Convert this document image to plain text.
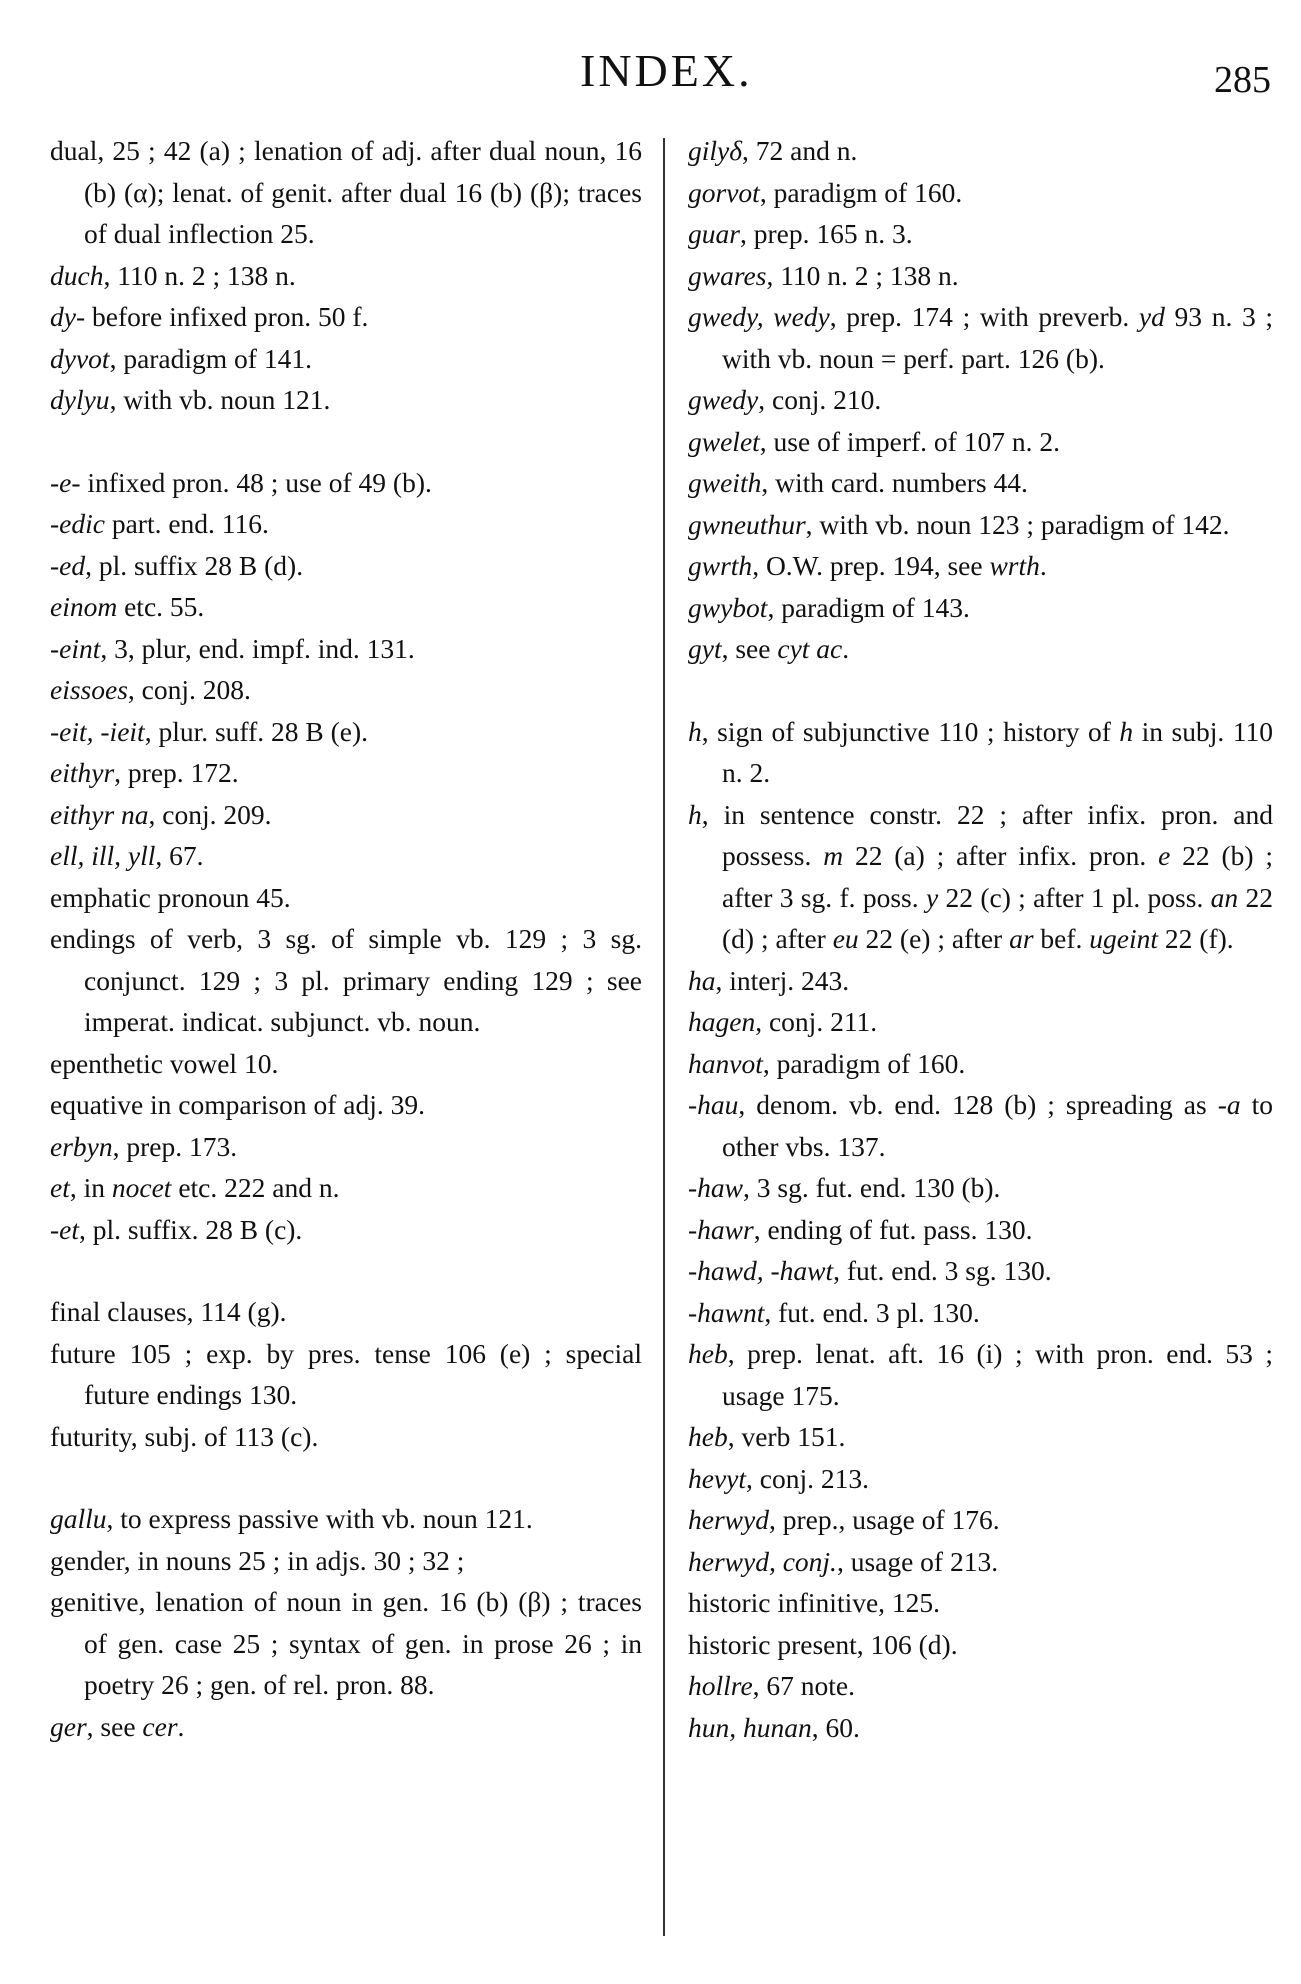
INDEX.	285
dual, 25 ; 42 (a) ; lenation of adj. after dual noun, 16 (b) (α); lenat. of genit. after dual 16 (b) (β); traces of dual inflection 25.
duch, 110 n. 2 ; 138 n.
dy- before infixed pron. 50 f.
dyvot, paradigm of 141.
dylyu, with vb. noun 121.
-e- infixed pron. 48 ; use of 49 (b).
-edic part. end. 116.
-ed, pl. suffix 28 B (d).
einom etc. 55.
-eint, 3, plur, end. impf. ind. 131.
eissoes, conj. 208.
-eit, -ieit, plur. suff. 28 B (e).
eithyr, prep. 172.
eithyr na, conj. 209.
ell, ill, yll, 67.
emphatic pronoun 45.
endings of verb, 3 sg. of simple vb. 129 ; 3 sg. conjunct. 129 ; 3 pl. primary ending 129 ; see imperat. indicat. subjunct. vb. noun.
epenthetic vowel 10.
equative in comparison of adj. 39.
erbyn, prep. 173.
et, in nocet etc. 222 and n.
-et, pl. suffix. 28 B (c).
final clauses, 114 (g).
future 105 ; exp. by pres. tense 106 (e) ; special future endings 130.
futurity, subj. of 113 (c).
gallu, to express passive with vb. noun 121.
gender, in nouns 25 ; in adjs. 30 ; 32 ;
genitive, lenation of noun in gen. 16 (b) (β) ; traces of gen. case 25 ; syntax of gen. in prose 26 ; in poetry 26 ; gen. of rel. pron. 88.
ger, see cer.
gilyδ, 72 and n.
gorvot, paradigm of 160.
guar, prep. 165 n. 3.
gwares, 110 n. 2 ; 138 n.
gwedy, wedy, prep. 174 ; with preverb. yd 93 n. 3 ; with vb. noun = perf. part. 126 (b).
gwedy, conj. 210.
gwelet, use of imperf. of 107 n. 2.
gweith, with card. numbers 44.
gwneuthur, with vb. noun 123 ; paradigm of 142.
gwrth, O.W. prep. 194, see wrth.
gwybot, paradigm of 143.
gyt, see cyt ac.
h, sign of subjunctive 110 ; history of h in subj. 110 n. 2.
h, in sentence constr. 22 ; after infix. pron. and possess. m 22 (a) ; after infix. pron. e 22 (b) ; after 3 sg. f. poss. y 22 (c) ; after 1 pl. poss. an 22 (d) ; after eu 22 (e) ; after ar bef. ugeint 22 (f).
ha, interj. 243.
hagen, conj. 211.
hanvot, paradigm of 160.
-hau, denom. vb. end. 128 (b) ; spreading as -a to other vbs. 137.
-haw, 3 sg. fut. end. 130 (b).
-hawr, ending of fut. pass. 130.
-hawd, -hawt, fut. end. 3 sg. 130.
-hawnt, fut. end. 3 pl. 130.
heb, prep. lenat. aft. 16 (i) ; with pron. end. 53 ; usage 175.
heb, verb 151.
hevyt, conj. 213.
herwyd, prep., usage of 176.
herwyd, conj., usage of 213.
historic infinitive, 125.
historic present, 106 (d).
hollre, 67 note.
hun, hunan, 60.
